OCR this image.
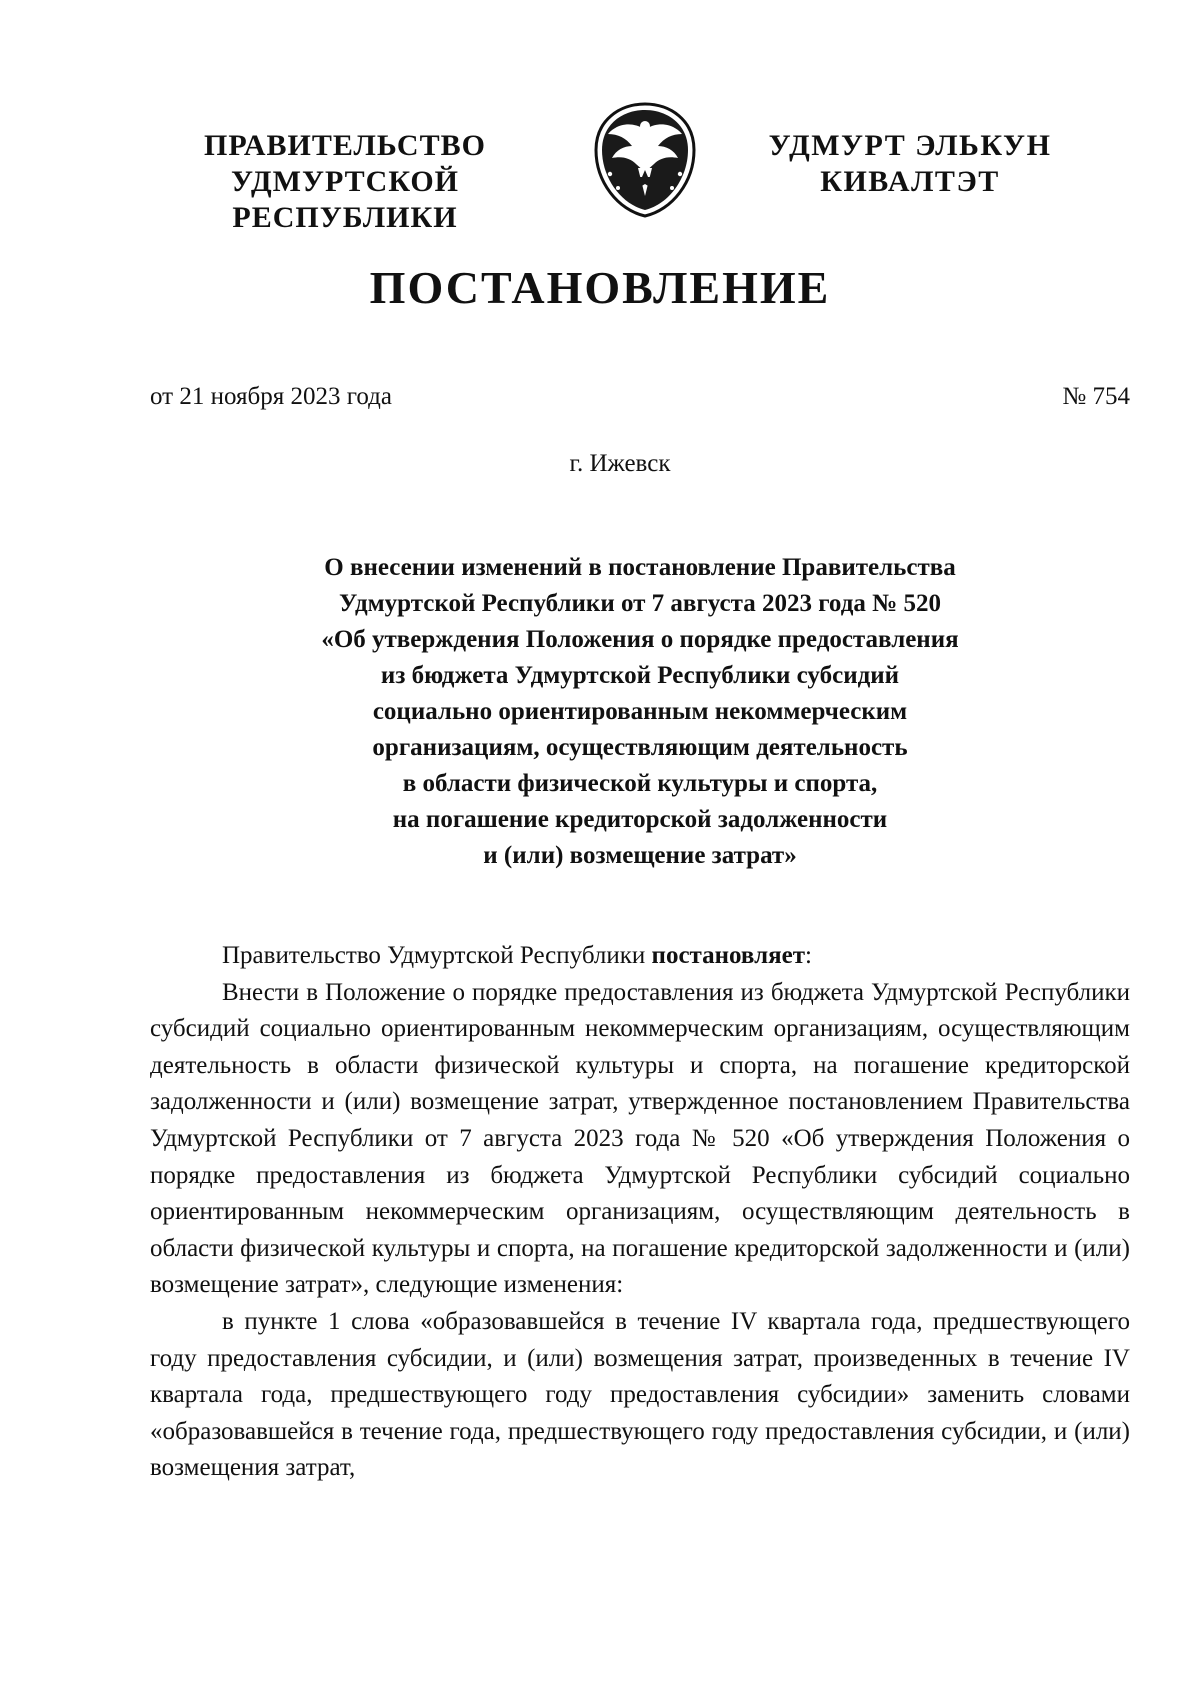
ПРАВИТЕЛЬСТВО
УДМУРТСКОЙ РЕСПУБЛИКИ
УДМУРТ ЭЛЬКУН
КИВАЛТЭТ
ПОСТАНОВЛЕНИЕ
от 21 ноября 2023 года	№ 754
г. Ижевск
О внесении изменений в постановление Правительства
Удмуртской Республики от 7 августа 2023 года № 520
«Об утверждения Положения о порядке предоставления
из бюджета Удмуртской Республики субсидий
социально ориентированным некоммерческим
организациям, осуществляющим деятельность
в области физической культуры и спорта,
на погашение кредиторской задолженности
и (или) возмещение затрат»

Правительство Удмуртской Республики постановляет:

Внести в Положение о порядке предоставления из бюджета Удмуртской Республики субсидий социально ориентированным некоммерческим организациям, осуществляющим деятельность в области физической культуры и спорта, на погашение кредиторской задолженности и (или) возмещение затрат, утвержденное постановлением Правительства Удмуртской Республики от 7 августа 2023 года № 520 «Об утверждения Положения о порядке предоставления из бюджета Удмуртской Республики субсидий социально ориентированным некоммерческим организациям, осуществляющим деятельность в области физической культуры и спорта, на погашение кредиторской задолженности и (или) возмещение затрат», следующие изменения:

в пункте 1 слова «образовавшейся в течение IV квартала года, предшествующего году предоставления субсидии, и (или) возмещения затрат, произведенных в течение IV квартала года, предшествующего году предоставления субсидии» заменить словами «образовавшейся в течение года, предшествующего году предоставления субсидии, и (или) возмещения затрат,
